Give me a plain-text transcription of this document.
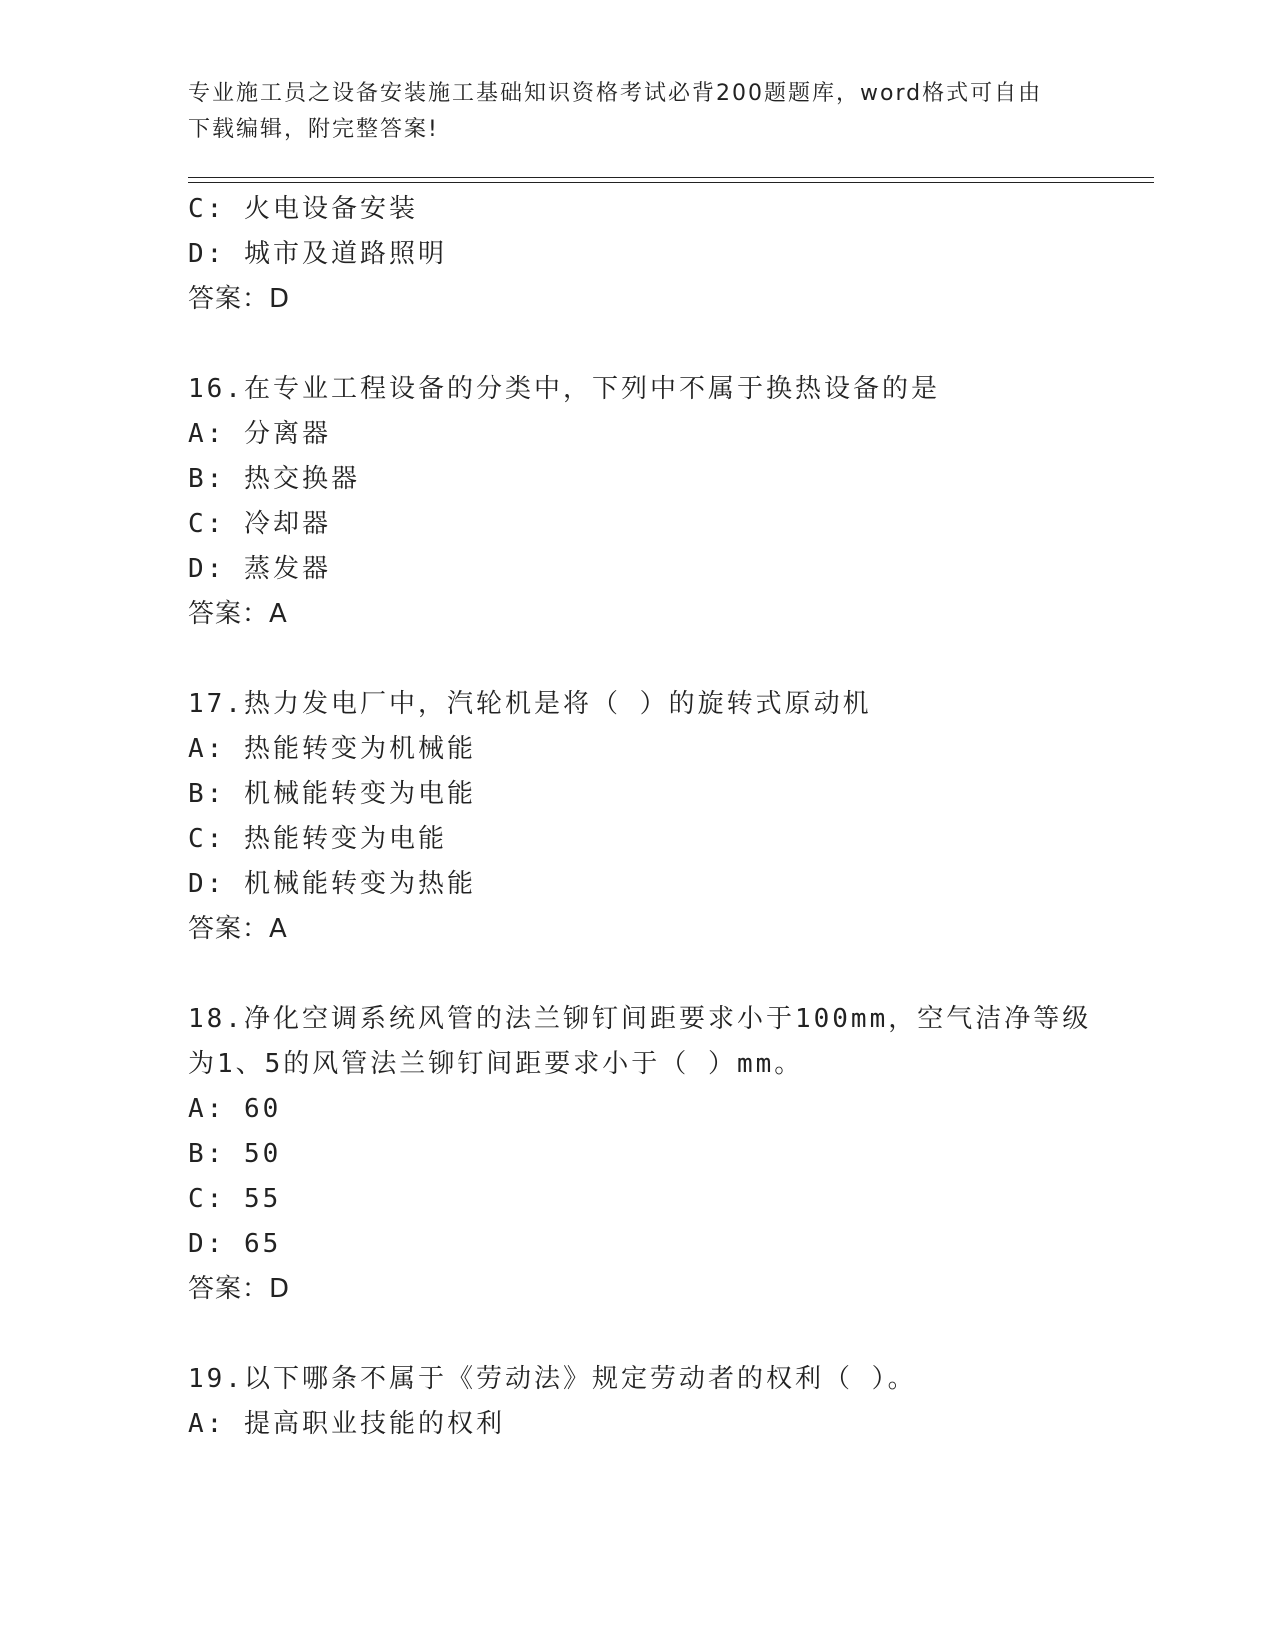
专业施工员之设备安装施工基础知识资格考试必背200题题库，word格式可自由
下载编辑，附完整答案!
C: 火电设备安装
D: 城市及道路照明
答案：D
16.在专业工程设备的分类中，下列中不属于换热设备的是
A: 分离器
B: 热交换器
C: 冷却器
D: 蒸发器
答案：A
17.热力发电厂中，汽轮机是将（ ）的旋转式原动机
A: 热能转变为机械能
B: 机械能转变为电能
C: 热能转变为电能
D: 机械能转变为热能
答案：A
18.净化空调系统风管的法兰铆钉间距要求小于100mm，空气洁净等级
为1、5的风管法兰铆钉间距要求小于（ ）mm。
A: 60
B: 50
C: 55
D: 65
答案：D
19.以下哪条不属于《劳动法》规定劳动者的权利（ ）。
A: 提高职业技能的权利
